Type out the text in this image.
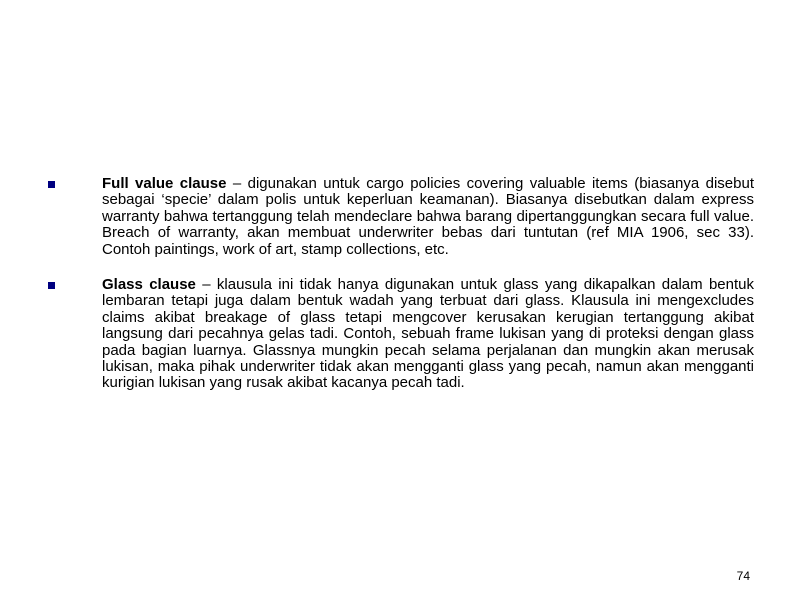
Full value clause – digunakan untuk cargo policies covering valuable items (biasanya disebut sebagai ‘specie’ dalam polis untuk keperluan keamanan). Biasanya disebutkan dalam express warranty bahwa tertanggung telah mendeclare bahwa barang dipertanggungkan secara full value. Breach of warranty, akan membuat underwriter bebas dari tuntutan (ref MIA 1906, sec 33). Contoh paintings, work of art, stamp collections, etc.

Glass clause – klausula ini tidak hanya digunakan untuk glass yang dikapalkan dalam bentuk lembaran tetapi juga dalam bentuk wadah yang terbuat dari glass. Klausula ini mengexcludes claims akibat breakage of glass tetapi mengcover kerusakan kerugian tertanggung akibat langsung dari pecahnya gelas tadi. Contoh, sebuah frame lukisan yang di proteksi dengan glass pada bagian luarnya. Glassnya mungkin pecah selama perjalanan dan mungkin akan merusak lukisan, maka pihak underwriter tidak akan mengganti glass yang pecah, namun akan mengganti kurigian lukisan yang rusak akibat kacanya pecah tadi.

74
